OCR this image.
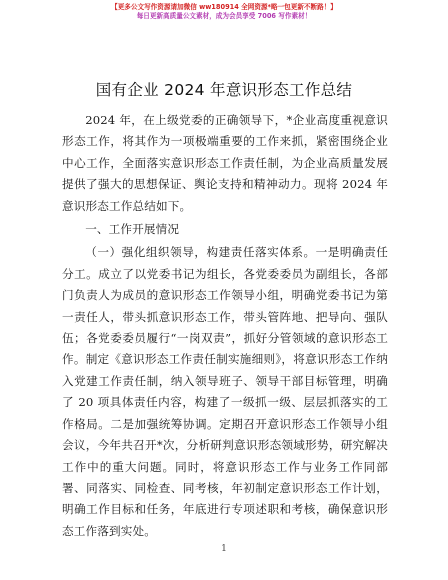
【更多公文写作资源请加微信 ww180914 全网资源*略一包更新不断路！】
每日更新高质量公文素材，成为会员享受 7006 写作素材！
国有企业 2024 年意识形态工作总结

2024 年，在上级党委的正确领导下，*企业高度重视意识形态工作，将其作为一项极端重要的工作来抓，紧密围绕企业中心工作，全面落实意识形态工作责任制，为企业高质量发展提供了强大的思想保证、舆论支持和精神动力。现将 2024 年意识形态工作总结如下。

一、工作开展情况

（一）强化组织领导，构建责任落实体系。一是明确责任分工。成立了以党委书记为组长，各党委委员为副组长，各部门负责人为成员的意识形态工作领导小组，明确党委书记为第一责任人，带头抓意识形态工作，带头管阵地、把导向、强队伍；各党委委员履行“一岗双责”，抓好分管领域的意识形态工作。制定《意识形态工作责任制实施细则》，将意识形态工作纳入党建工作责任制，纳入领导班子、领导干部目标管理，明确了 20 项具体责任内容，构建了一级抓一级、层层抓落实的工作格局。二是加强统筹协调。定期召开意识形态工作领导小组会议，今年共召开*次，分析研判意识形态领域形势，研究解决工作中的重大问题。同时，将意识形态工作与业务工作同部署、同落实、同检查、同考核，年初制定意识形态工作计划，明确工作目标和任务，年底进行专项述职和考核，确保意识形态工作落到实处。

1
